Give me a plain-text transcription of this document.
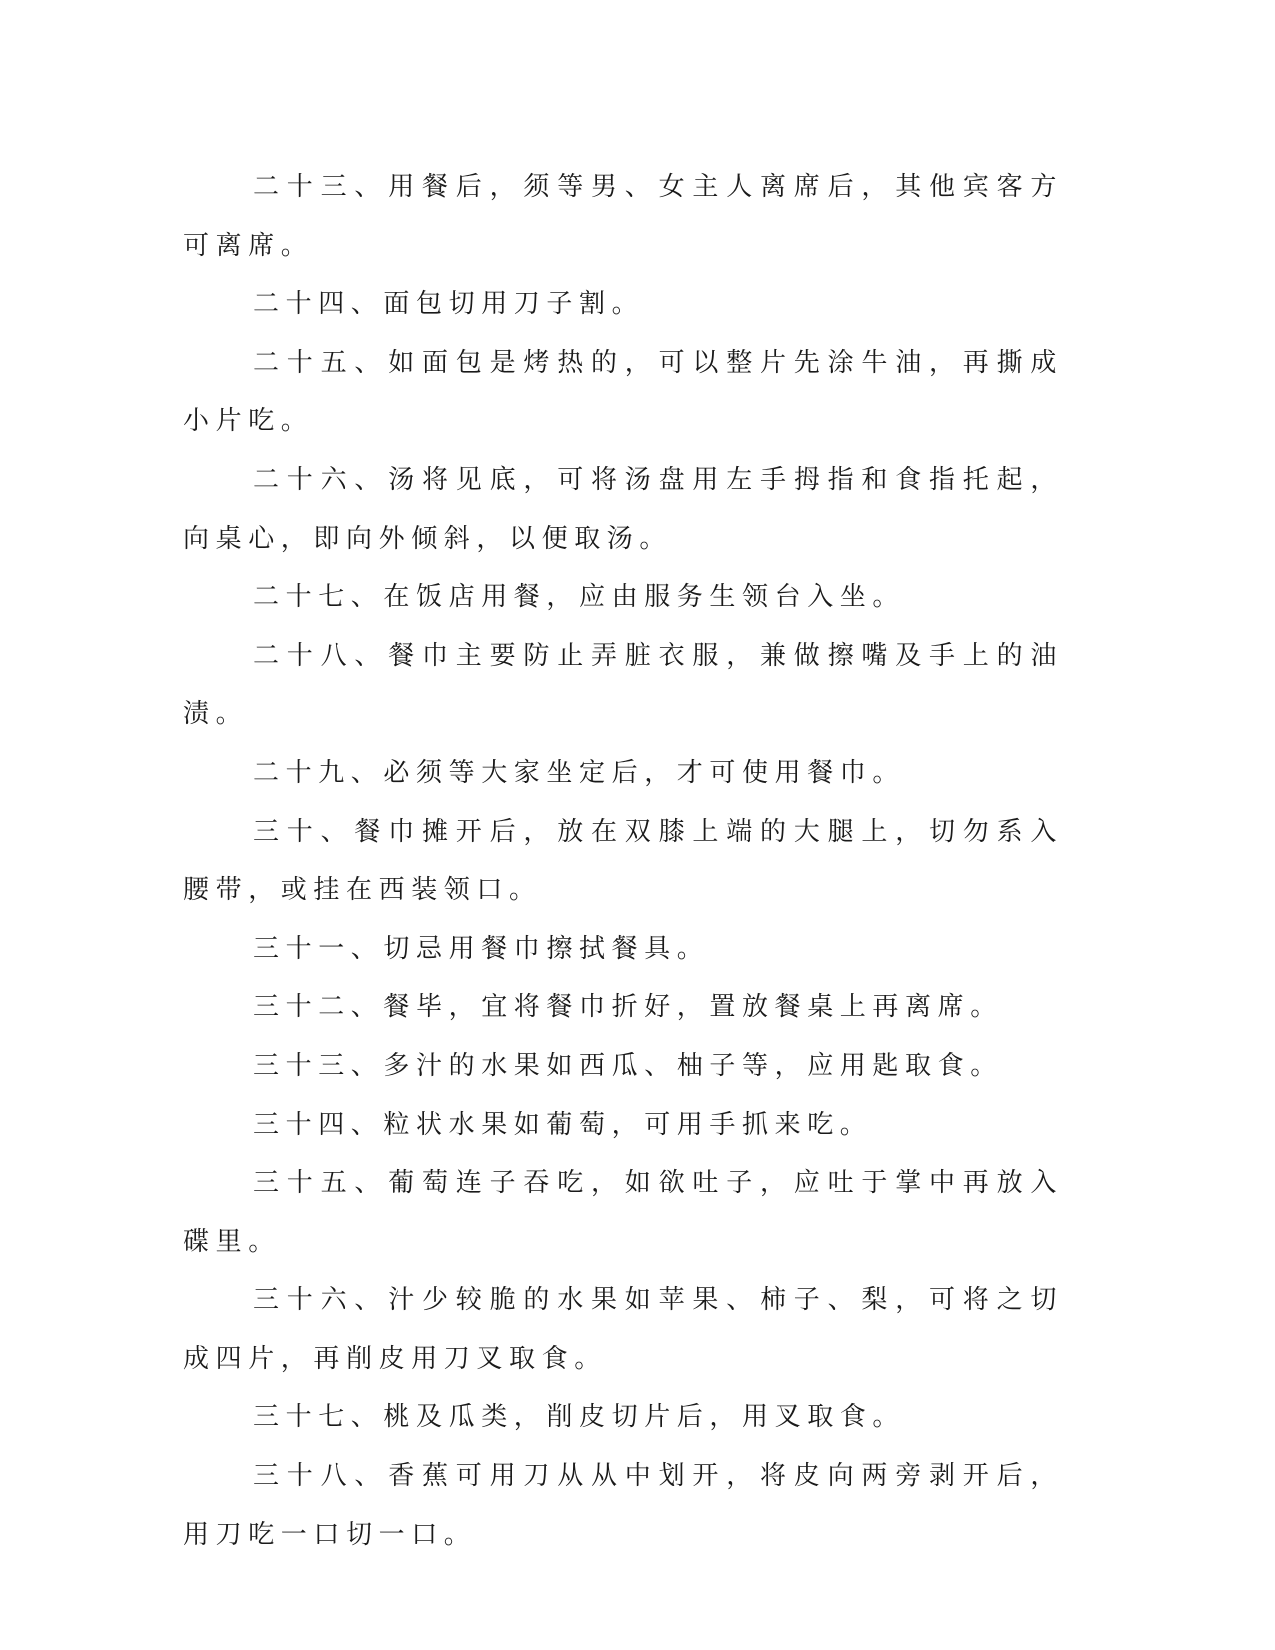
二十三、用餐后，须等男、女主人离席后，其他宾客方可离席。

二十四、面包切用刀子割。

二十五、如面包是烤热的，可以整片先涂牛油，再撕成小片吃。

二十六、汤将见底，可将汤盘用左手拇指和食指托起，向桌心，即向外倾斜，以便取汤。

二十七、在饭店用餐，应由服务生领台入坐。

二十八、餐巾主要防止弄脏衣服，兼做擦嘴及手上的油渍。

二十九、必须等大家坐定后，才可使用餐巾。

三十、餐巾摊开后，放在双膝上端的大腿上，切勿系入腰带，或挂在西装领口。

三十一、切忌用餐巾擦拭餐具。

三十二、餐毕，宜将餐巾折好，置放餐桌上再离席。

三十三、多汁的水果如西瓜、柚子等，应用匙取食。

三十四、粒状水果如葡萄，可用手抓来吃。

三十五、葡萄连子吞吃，如欲吐子，应吐于掌中再放入碟里。

三十六、汁少较脆的水果如苹果、柿子、梨，可将之切成四片，再削皮用刀叉取食。

三十七、桃及瓜类，削皮切片后，用叉取食。

三十八、香蕉可用刀从从中划开，将皮向两旁剥开后，用刀吃一口切一口。
